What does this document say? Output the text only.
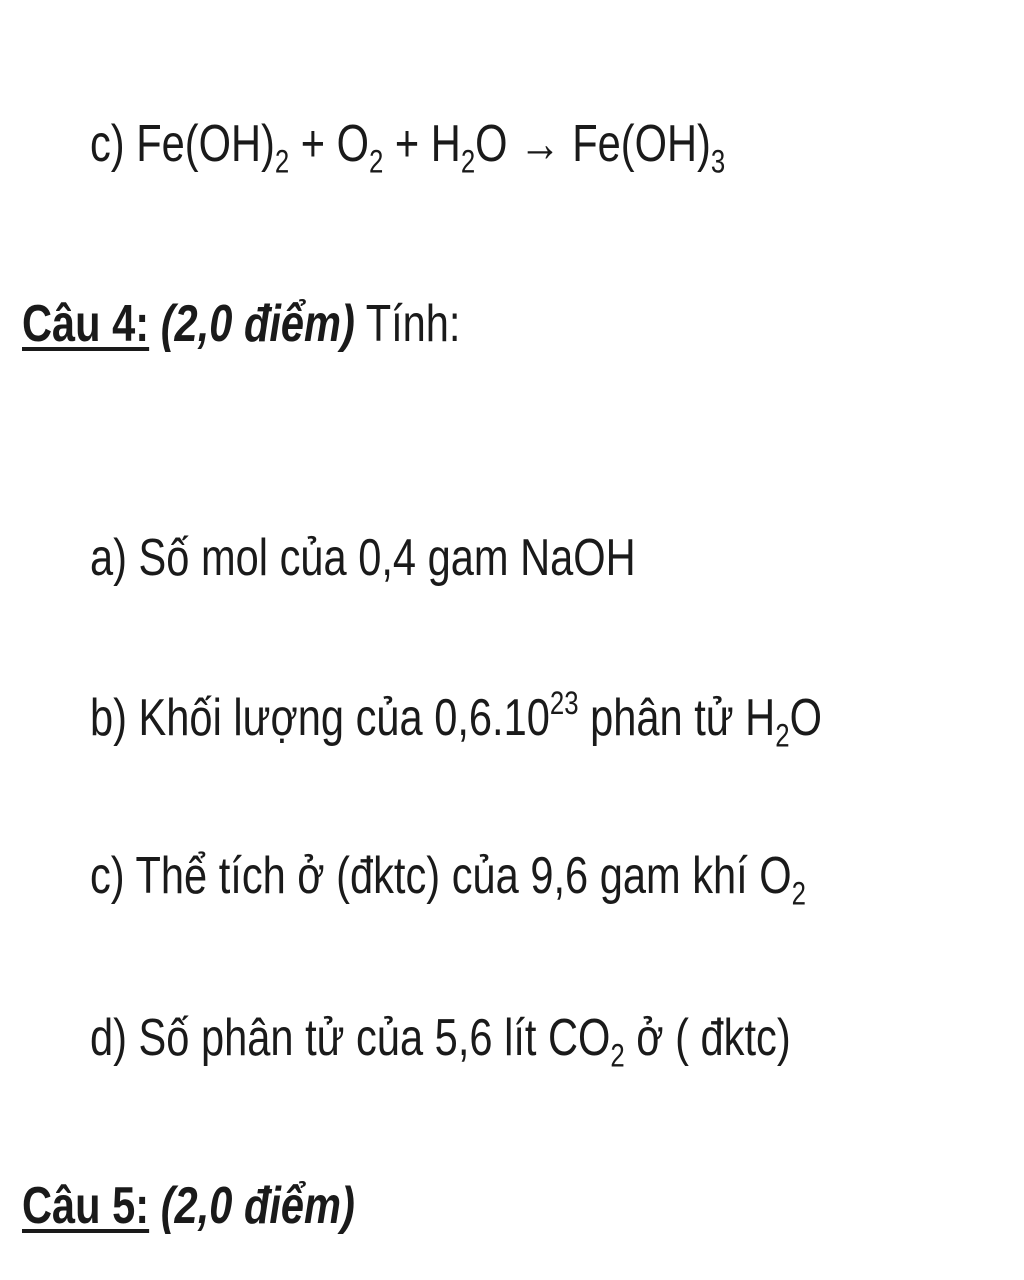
c) $Fe(OH)_2 + O_2 + H_2O \to Fe(OH)_3$
Câu 4: (2,0 điểm) Tính:
a) Số mol của 0,4 gam NaOH
b) Khối lượng của 0,6.10$^{23}$ phân tử $H_2O$
c) Thể tích ở (đktc) của 9,6 gam khí $O_2$
d) Số phân tử của 5,6 lít $CO_2$ ở ( đktc)
Câu 5: (2,0 điểm)
